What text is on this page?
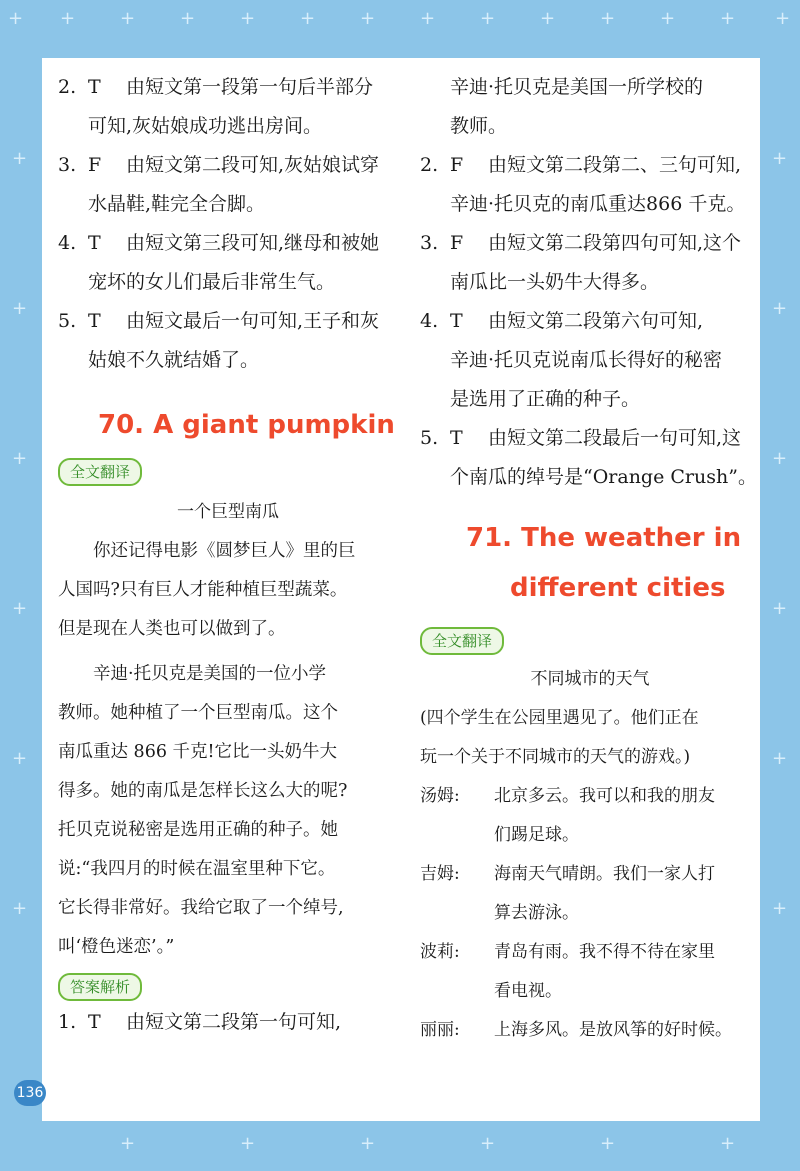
+ + + + + + + + + + + + + +
+
+
+
+
+
+
+
+
+
+
+
+
+	+	+	+	+	+

2. T 由短文第一段第一句后半部分

可知,灰姑娘成功逃出房间。

3. F 由短文第二段可知,灰姑娘试穿

水晶鞋,鞋完全合脚。

4. T 由短文第三段可知,继母和被她

宠坏的女儿们最后非常生气。

5. T 由短文最后一句可知,王子和灰

姑娘不久就结婚了。

70. A giant pumpkin

全文翻译

一个巨型南瓜

你还记得电影《圆梦巨人》里的巨

人国吗?只有巨人才能种植巨型蔬菜。

但是现在人类也可以做到了。

辛迪·托贝克是美国的一位小学

教师。她种植了一个巨型南瓜。这个

南瓜重达 866 千克!它比一头奶牛大

得多。她的南瓜是怎样长这么大的呢?

托贝克说秘密是选用正确的种子。她

说:“我四月的时候在温室里种下它。

它长得非常好。我给它取了一个绰号,

叫‘橙色迷恋’。”

答案解析

1. T 由短文第二段第一句可知,

辛迪·托贝克是美国一所学校的

教师。

2. F 由短文第二段第二、三句可知,

辛迪·托贝克的南瓜重达866 千克。

3. F 由短文第二段第四句可知,这个

南瓜比一头奶牛大得多。

4. T 由短文第二段第六句可知,

辛迪·托贝克说南瓜长得好的秘密

是选用了正确的种子。

5. T 由短文第二段最后一句可知,这

个南瓜的绰号是“Orange Crush”。

71. The weather in

different cities

全文翻译

不同城市的天气

(四个学生在公园里遇见了。他们正在

玩一个关于不同城市的天气的游戏。)

汤姆: 北京多云。我可以和我的朋友

们踢足球。

吉姆: 海南天气晴朗。我们一家人打

算去游泳。

波莉: 青岛有雨。我不得不待在家里

看电视。

丽丽: 上海多风。是放风筝的好时候。

136
